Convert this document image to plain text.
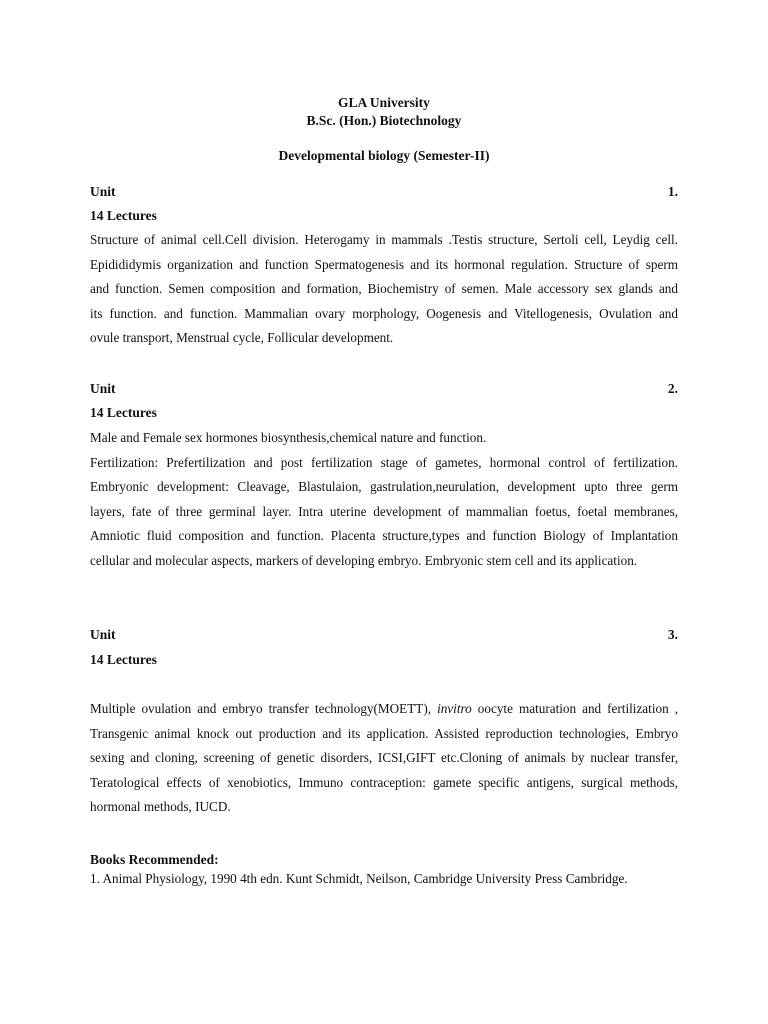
GLA University
B.Sc. (Hon.) Biotechnology
Developmental biology (Semester-II)
Unit	1.
14 Lectures
Structure of animal cell.Cell division. Heterogamy in mammals .Testis structure, Sertoli cell, Leydig cell.
Epidididymis organization and function Spermatogenesis and its hormonal regulation. Structure of sperm
and function. Semen composition and formation, Biochemistry of semen. Male accessory sex glands and
its function. and function. Mammalian ovary morphology, Oogenesis and Vitellogenesis, Ovulation and
ovule transport, Menstrual cycle, Follicular development.
Unit	2.
14 Lectures
Male and Female sex hormones biosynthesis,chemical nature and function.
Fertilization: Prefertilization and post fertilization stage of gametes, hormonal control of fertilization.
Embryonic development: Cleavage, Blastulaion, gastrulation,neurulation, development upto three germ
layers, fate of three germinal layer. Intra uterine development of mammalian foetus, foetal membranes,
Amniotic fluid composition and function. Placenta structure,types and function Biology of Implantation
cellular and molecular aspects, markers of developing embryo. Embryonic stem cell and its application.
Unit	3.
14 Lectures
Multiple ovulation and embryo transfer technology(MOETT), invitro oocyte maturation and fertilization ,
Transgenic animal knock out production and its application. Assisted reproduction technologies, Embryo
sexing and cloning, screening of genetic disorders, ICSI,GIFT etc.Cloning of animals by nuclear transfer,
Teratological effects of xenobiotics, Immuno contraception: gamete specific antigens, surgical methods,
hormonal methods, IUCD.
Books Recommended:
1. Animal Physiology, 1990 4th edn. Kunt Schmidt, Neilson, Cambridge University Press Cambridge.
